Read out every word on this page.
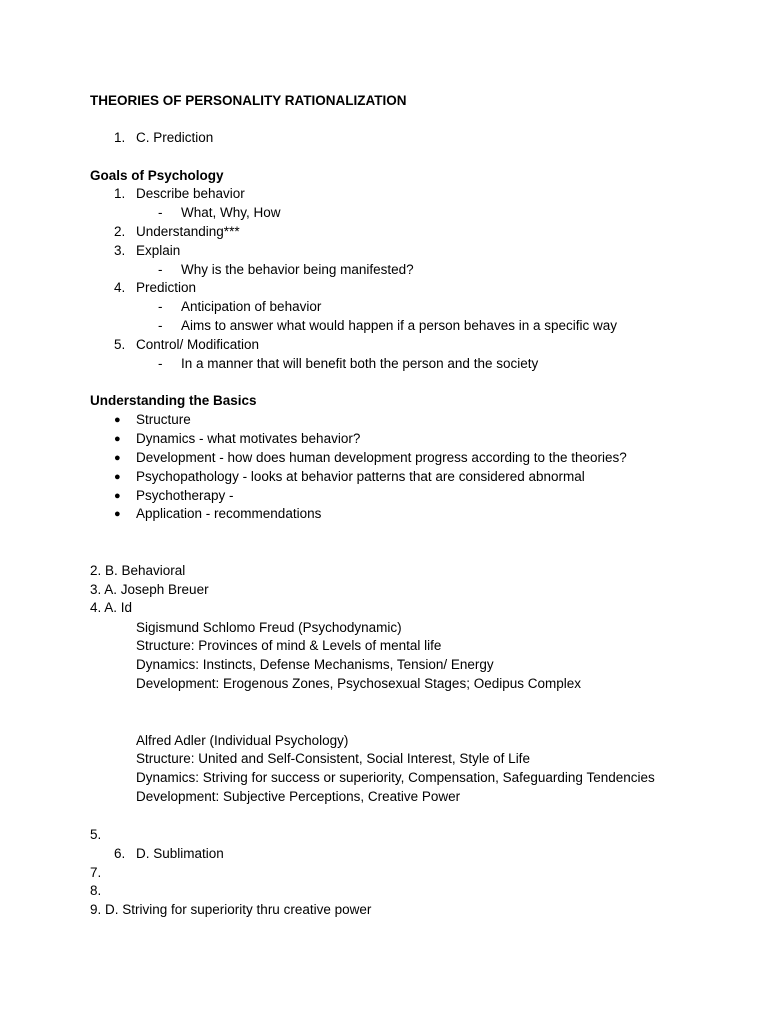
THEORIES OF PERSONALITY RATIONALIZATION
1. C. Prediction
Goals of Psychology
1. Describe behavior
- What, Why, How
2. Understanding***
3. Explain
- Why is the behavior being manifested?
4. Prediction
- Anticipation of behavior
- Aims to answer what would happen if a person behaves in a specific way
5. Control/ Modification
- In a manner that will benefit both the person and the society
Understanding the Basics
● Structure
● Dynamics - what motivates behavior?
● Development - how does human development progress according to the theories?
● Psychopathology - looks at behavior patterns that are considered abnormal
● Psychotherapy -
● Application - recommendations
2. B. Behavioral
3. A. Joseph Breuer
4. A. Id
Sigismund Schlomo Freud (Psychodynamic)
Structure: Provinces of mind & Levels of mental life
Dynamics: Instincts, Defense Mechanisms, Tension/ Energy
Development: Erogenous Zones, Psychosexual Stages; Oedipus Complex
Alfred Adler (Individual Psychology)
Structure: United and Self-Consistent, Social Interest, Style of Life
Dynamics: Striving for success or superiority, Compensation, Safeguarding Tendencies
Development: Subjective Perceptions, Creative Power
5.
6. D. Sublimation
7.
8.
9. D. Striving for superiority thru creative power
